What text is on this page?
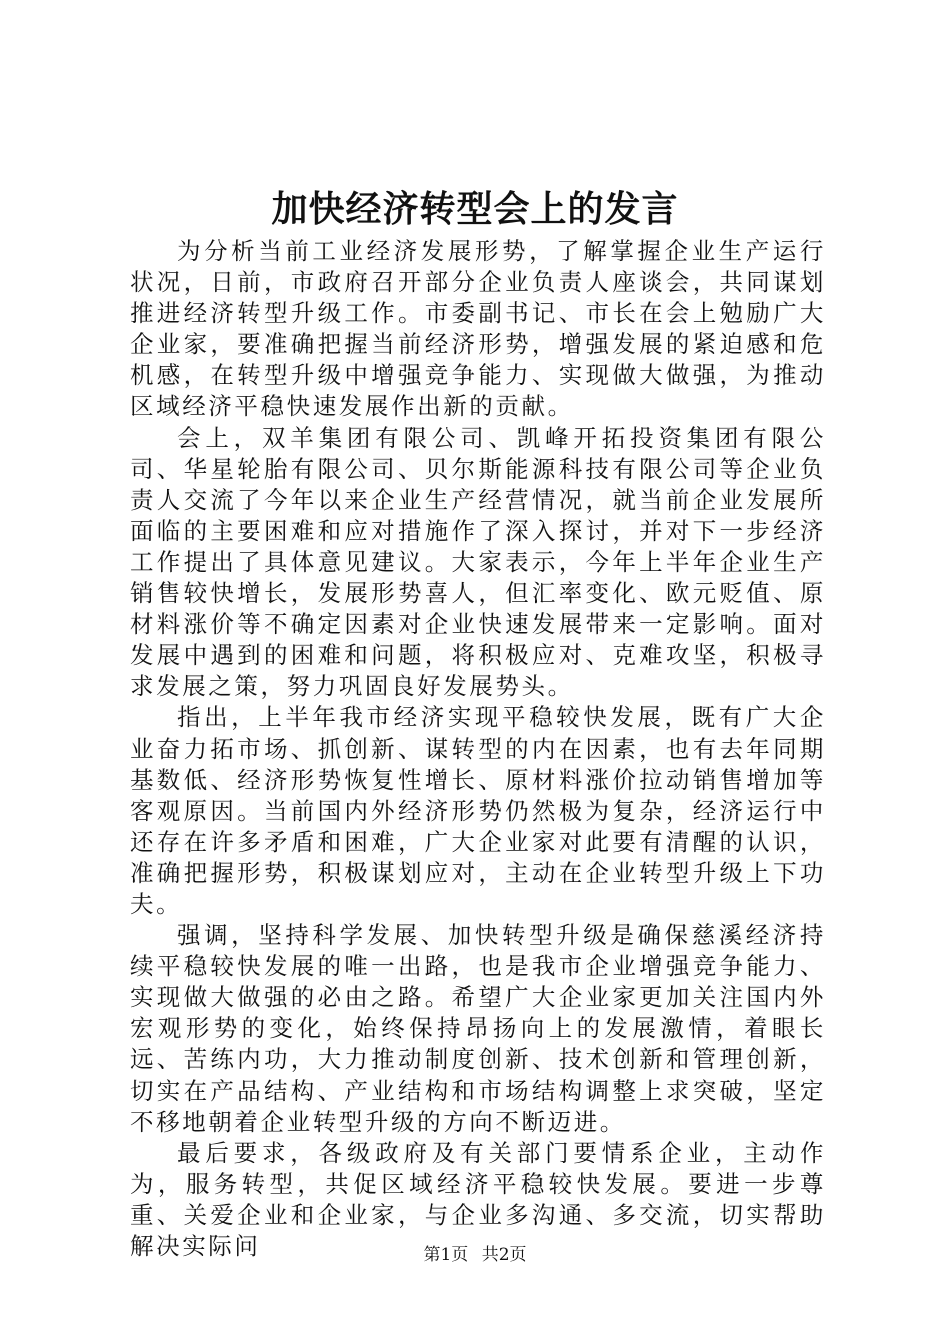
加快经济转型会上的发言

为分析当前工业经济发展形势，了解掌握企业生产运行状况，日前，市政府召开部分企业负责人座谈会，共同谋划推进经济转型升级工作。市委副书记、市长在会上勉励广大企业家，要准确把握当前经济形势，增强发展的紧迫感和危机感，在转型升级中增强竞争能力、实现做大做强，为推动区域经济平稳快速发展作出新的贡献。

会上，双羊集团有限公司、凯峰开拓投资集团有限公司、华星轮胎有限公司、贝尔斯能源科技有限公司等企业负责人交流了今年以来企业生产经营情况，就当前企业发展所面临的主要困难和应对措施作了深入探讨，并对下一步经济工作提出了具体意见建议。大家表示，今年上半年企业生产销售较快增长，发展形势喜人，但汇率变化、欧元贬值、原材料涨价等不确定因素对企业快速发展带来一定影响。面对发展中遇到的困难和问题，将积极应对、克难攻坚，积极寻求发展之策，努力巩固良好发展势头。

指出，上半年我市经济实现平稳较快发展，既有广大企业奋力拓市场、抓创新、谋转型的内在因素，也有去年同期基数低、经济形势恢复性增长、原材料涨价拉动销售增加等客观原因。当前国内外经济形势仍然极为复杂，经济运行中还存在许多矛盾和困难，广大企业家对此要有清醒的认识，准确把握形势，积极谋划应对，主动在企业转型升级上下功夫。

强调，坚持科学发展、加快转型升级是确保慈溪经济持续平稳较快发展的唯一出路，也是我市企业增强竞争能力、实现做大做强的必由之路。希望广大企业家更加关注国内外宏观形势的变化，始终保持昂扬向上的发展激情，着眼长远、苦练内功，大力推动制度创新、技术创新和管理创新，切实在产品结构、产业结构和市场结构调整上求突破，坚定不移地朝着企业转型升级的方向不断迈进。

最后要求，各级政府及有关部门要情系企业，主动作为，服务转型，共促区域经济平稳较快发展。要进一步尊重、关爱企业和企业家，与企业多沟通、多交流，切实帮助解决实际问	第1页 共2页
